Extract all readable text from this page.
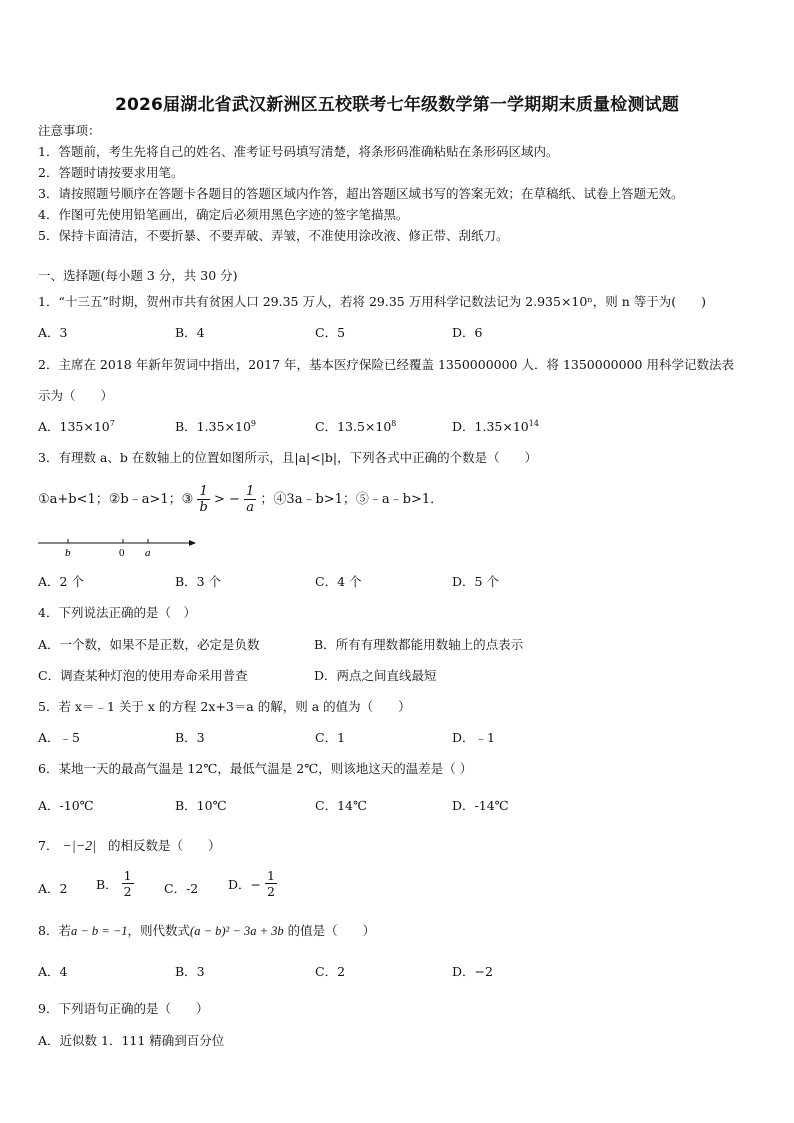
2026届湖北省武汉新洲区五校联考七年级数学第一学期期末质量检测试题
注意事项：
1．答题前，考生先将自己的姓名、准考证号码填写清楚，将条形码准确粘贴在条形码区域内。
2．答题时请按要求用笔。
3．请按照题号顺序在答题卡各题目的答题区域内作答，超出答题区域书写的答案无效；在草稿纸、试卷上答题无效。
4．作图可先使用铅笔画出，确定后必须用黑色字迹的签字笔描黑。
5．保持卡面清洁，不要折暴、不要弄破、弄皱，不准使用涂改液、修正带、刮纸刀。
一、选择题(每小题 3 分，共 30 分)
1．“十三五”时期，贺州市共有贫困人口 29.35 万人，若将 29.35 万用科学记数法记为 2.935×10ⁿ，则 n 等于为(　　)
A．3	B．4	C．5	D．6
2．主席在 2018 年新年贺词中指出，2017 年，基本医疗保险已经覆盖 1350000000 人．将 1350000000 用科学记数法表
示为（　　）
A．$135\times 10^7$	B．$1.35\times 10^9$	C．$13.5\times 10^8$	D．$1.35\times 10^{14}$
3．有理数 a、b 在数轴上的位置如图所示，且|a|<|b|，下列各式中正确的个数是（　　）
①a+b<1；②b﹣a>1；③ $\frac{1}{b}$ > − $\frac{1}{a}$ ；④3a﹣b>1；⑤﹣a﹣b>1．
b	0 a
A．2 个	B．3 个	C．4 个	D．5 个
4．下列说法正确的是（　）
A．一个数，如果不是正数，必定是负数	B．所有有理数都能用数轴上的点表示
C．调查某种灯泡的使用寿命采用普查	D．两点之间直线最短
5．若 x＝﹣1 关于 x 的方程 2x+3＝a 的解，则 a 的值为（　　）
A．﹣5	B．3	C．1	D．﹣1
6．某地一天的最高气温是 12℃，最低气温是 2℃，则该地这天的温差是（ ）
A．-10℃	B．10℃	C．14℃	D．-14℃
7． −|−2| 的相反数是（　　）
A．2 B． $\frac{1}{2}$ C．-2 D．− $\frac{1}{2}$
8．若a − b = −1，则代数式(a − b)² − 3a + 3b 的值是（　　）
A．4	B．3	C．2	D．−2
9．下列语句正确的是（　　）
A．近似数 1．111 精确到百分位
